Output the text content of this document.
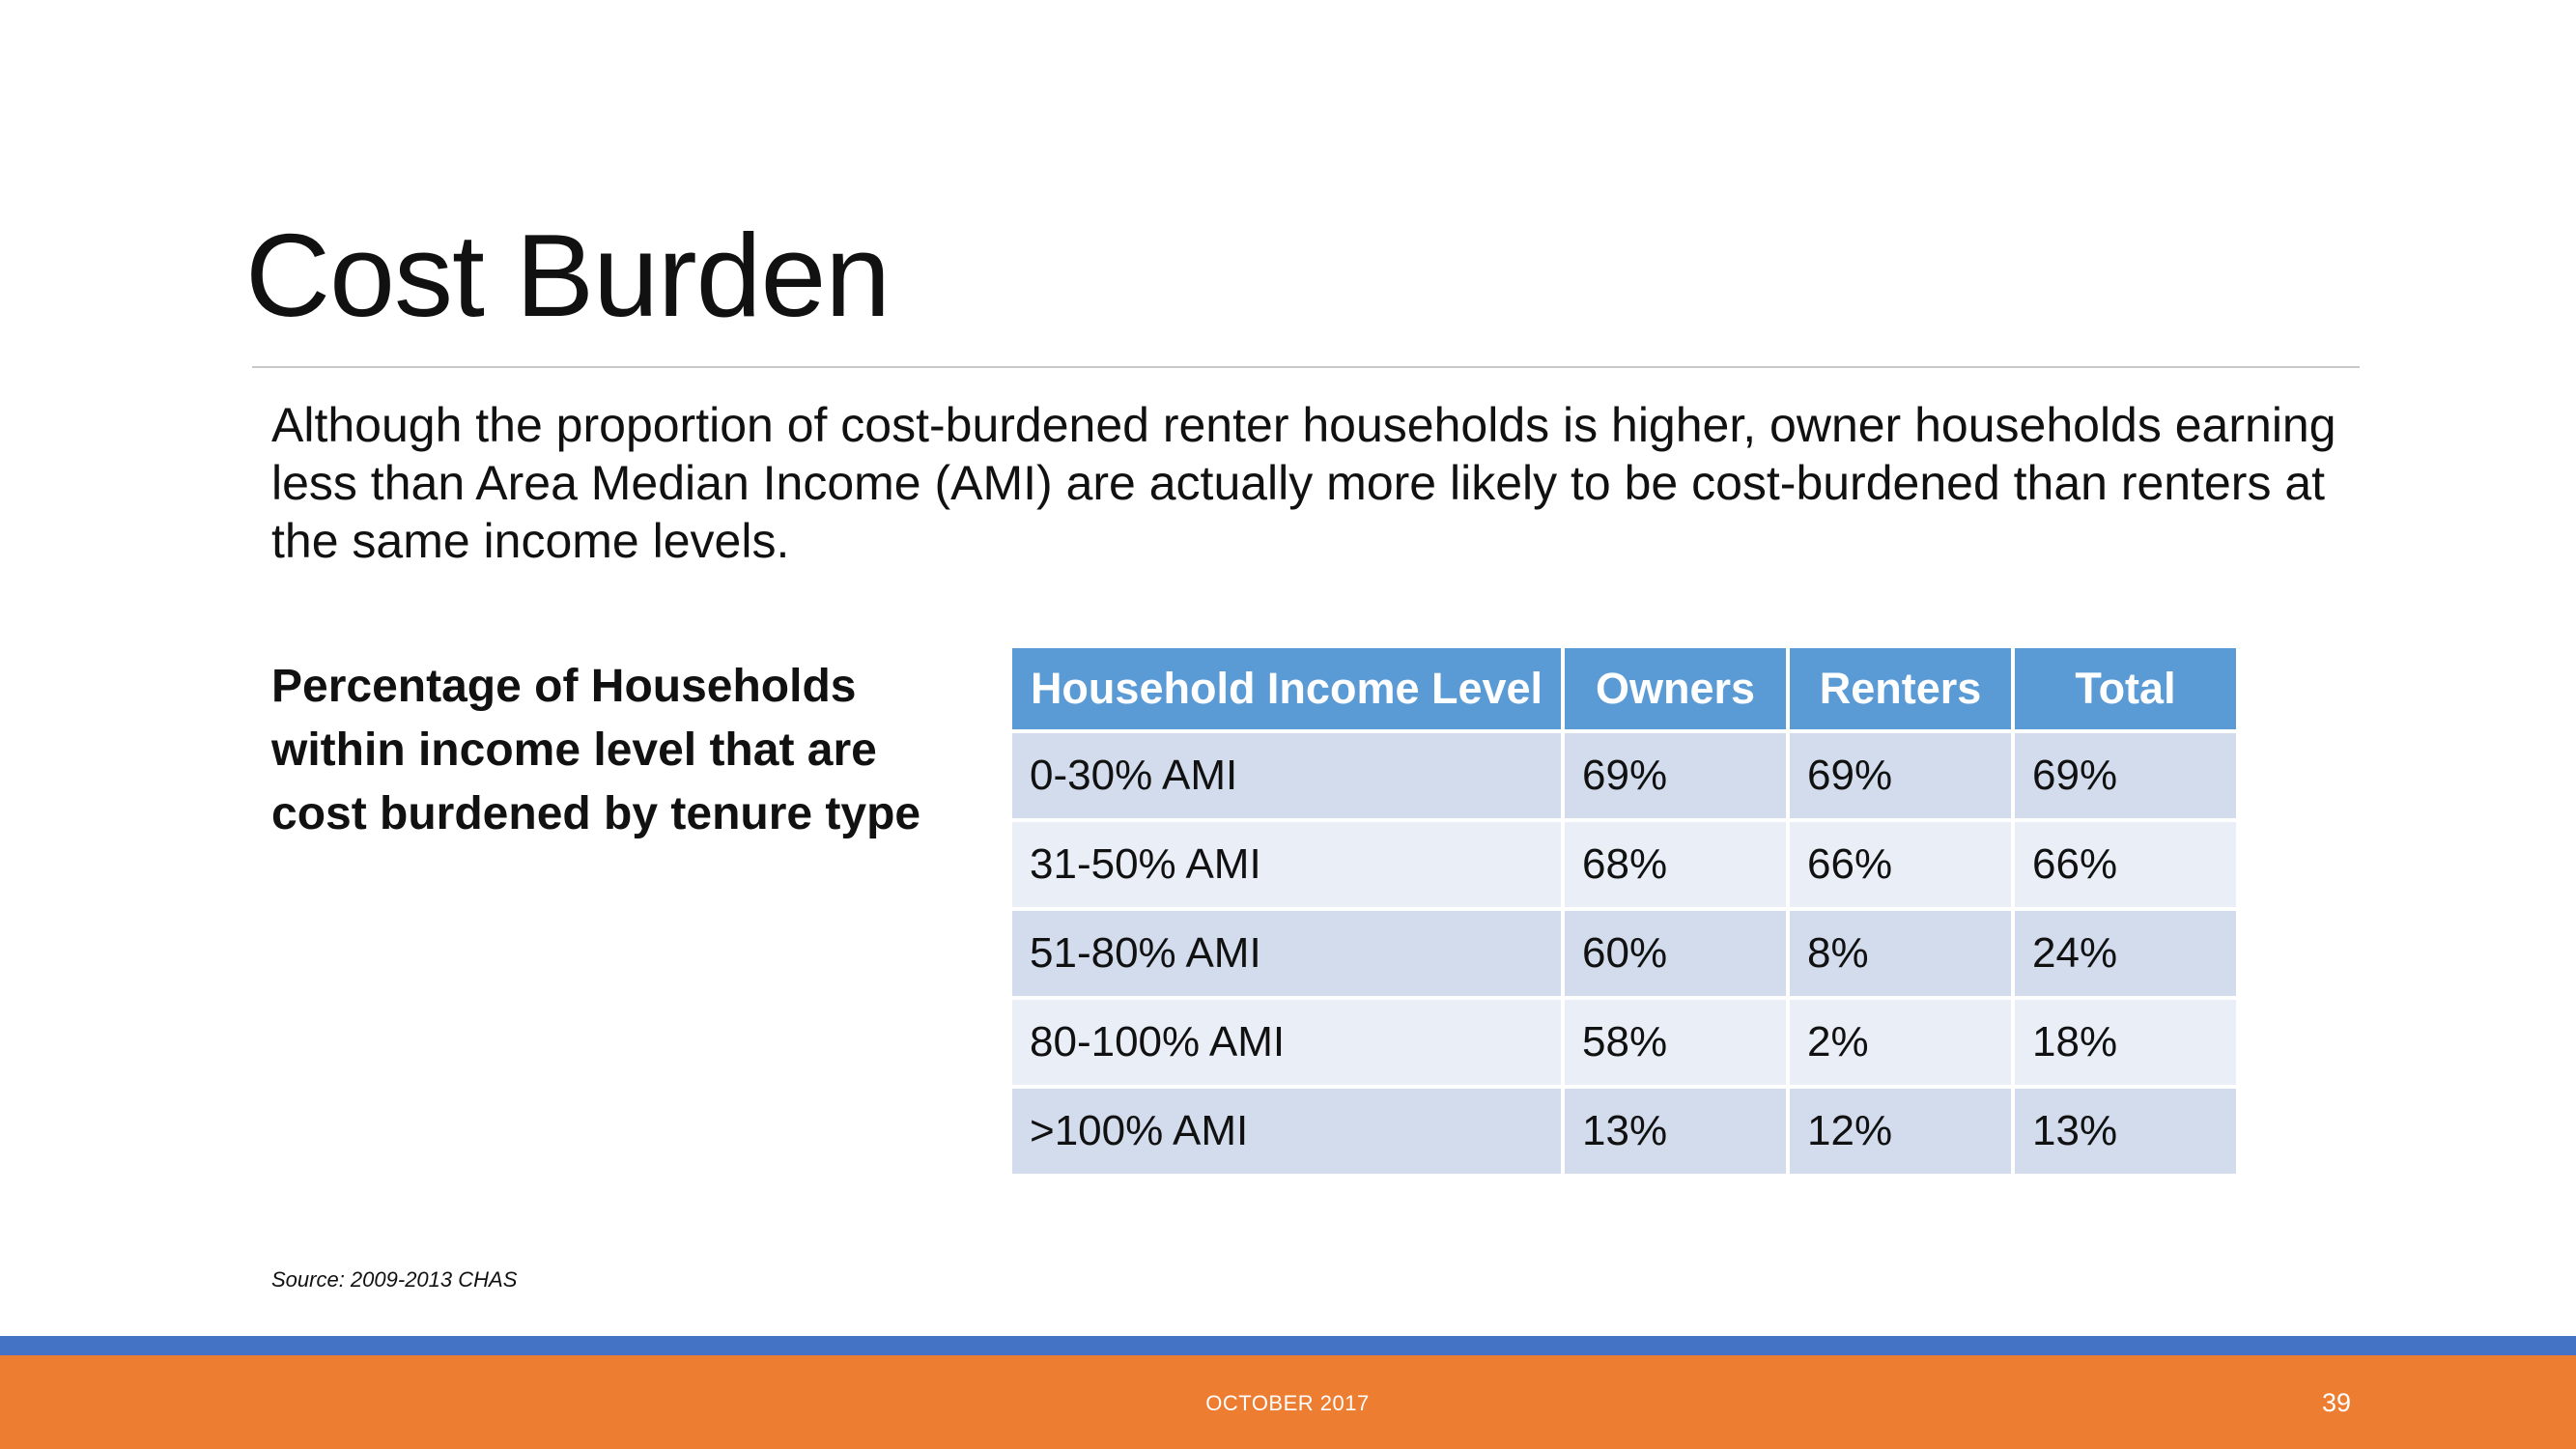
Cost Burden
Although the proportion of cost-burdened renter households is higher, owner households earning less than Area Median Income (AMI) are actually more likely to be cost-burdened than renters at the same income levels.
Percentage of Households within income level that are cost burdened by tenure type
Household Income Level	Owners	Renters	Total
0-30% AMI	69%	69%	69%
31-50% AMI	68%	66%	66%
51-80% AMI	60%	8%	24%
80-100% AMI	58%	2%	18%
>100% AMI	13%	12%	13%
Source: 2009-2013 CHAS
OCTOBER 2017	39
